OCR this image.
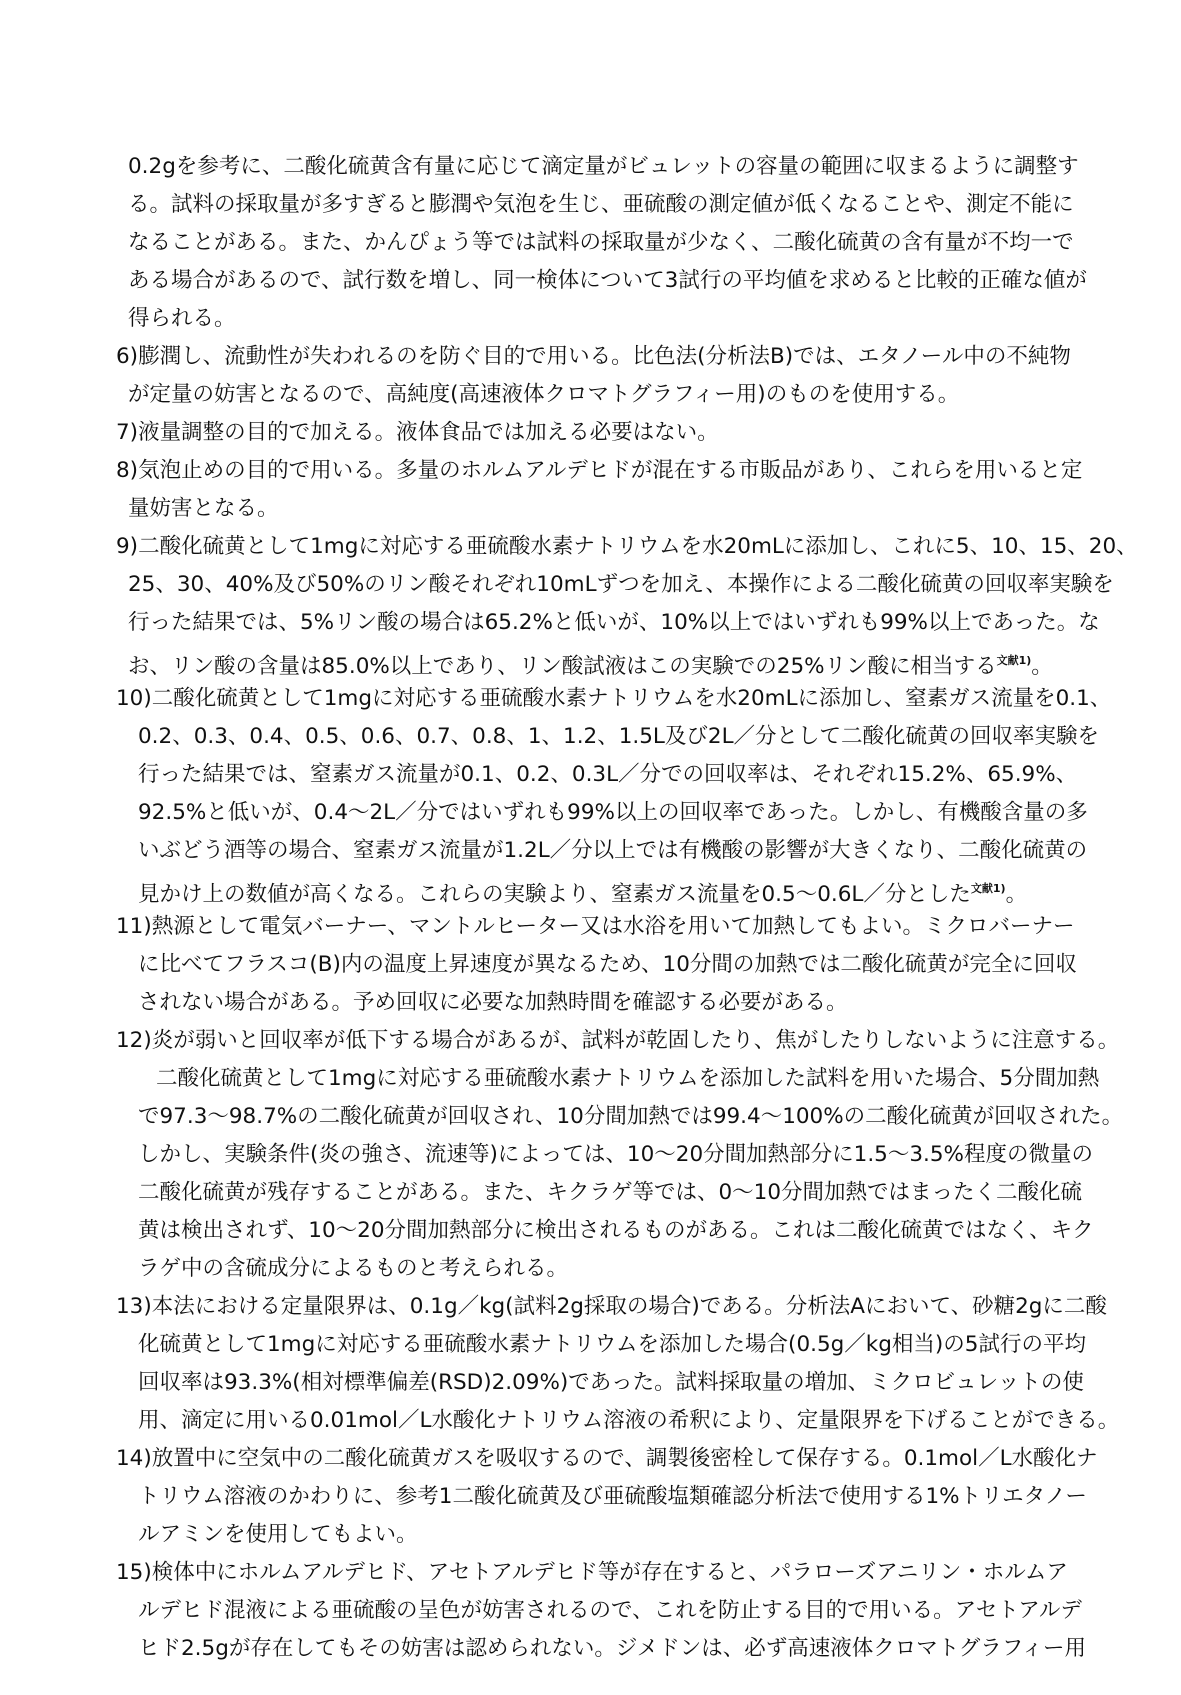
0.2gを参考に、二酸化硫黄含有量に応じて滴定量がビュレットの容量の範囲に収まるように調整す
る。試料の採取量が多すぎると膨潤や気泡を生じ、亜硫酸の測定値が低くなることや、測定不能に
なることがある。また、かんぴょう等では試料の採取量が少なく、二酸化硫黄の含有量が不均一で
ある場合があるので、試行数を増し、同一検体について3試行の平均値を求めると比較的正確な値が
得られる。
6)膨潤し、流動性が失われるのを防ぐ目的で用いる。比色法(分析法B)では、エタノール中の不純物
が定量の妨害となるので、高純度(高速液体クロマトグラフィー用)のものを使用する。
7)液量調整の目的で加える。液体食品では加える必要はない。
8)気泡止めの目的で用いる。多量のホルムアルデヒドが混在する市販品があり、これらを用いると定
量妨害となる。
9)二酸化硫黄として1mgに対応する亜硫酸水素ナトリウムを水20mLに添加し、これに5、10、15、20、
25、30、40%及び50%のリン酸それぞれ10mLずつを加え、本操作による二酸化硫黄の回収率実験を
行った結果では、5%リン酸の場合は65.2%と低いが、10%以上ではいずれも99%以上であった。な
お、リン酸の含量は85.0%以上であり、リン酸試液はこの実験での25%リン酸に相当する$^{文献1)}$。
10)二酸化硫黄として1mgに対応する亜硫酸水素ナトリウムを水20mLに添加し、窒素ガス流量を0.1、
0.2、0.3、0.4、0.5、0.6、0.7、0.8、1、1.2、1.5L及び2L／分として二酸化硫黄の回収率実験を
行った結果では、窒素ガス流量が0.1、0.2、0.3L／分での回収率は、それぞれ15.2%、65.9%、
92.5%と低いが、0.4～2L／分ではいずれも99%以上の回収率であった。しかし、有機酸含量の多
いぶどう酒等の場合、窒素ガス流量が1.2L／分以上では有機酸の影響が大きくなり、二酸化硫黄の
見かけ上の数値が高くなる。これらの実験より、窒素ガス流量を0.5～0.6L／分とした$^{文献1)}$。
11)熱源として電気バーナー、マントルヒーター又は水浴を用いて加熱してもよい。ミクロバーナー
に比べてフラスコ(B)内の温度上昇速度が異なるため、10分間の加熱では二酸化硫黄が完全に回収
されない場合がある。予め回収に必要な加熱時間を確認する必要がある。
12)炎が弱いと回収率が低下する場合があるが、試料が乾固したり、焦がしたりしないように注意する。
二酸化硫黄として1mgに対応する亜硫酸水素ナトリウムを添加した試料を用いた場合、5分間加熱
で97.3～98.7%の二酸化硫黄が回収され、10分間加熱では99.4～100%の二酸化硫黄が回収された。
しかし、実験条件(炎の強さ、流速等)によっては、10～20分間加熱部分に1.5～3.5%程度の微量の
二酸化硫黄が残存することがある。また、キクラゲ等では、0～10分間加熱ではまったく二酸化硫
黄は検出されず、10～20分間加熱部分に検出されるものがある。これは二酸化硫黄ではなく、キク
ラゲ中の含硫成分によるものと考えられる。
13)本法における定量限界は、0.1g／kg(試料2g採取の場合)である。分析法Aにおいて、砂糖2gに二酸
化硫黄として1mgに対応する亜硫酸水素ナトリウムを添加した場合(0.5g／kg相当)の5試行の平均
回収率は93.3%(相対標準偏差(RSD)2.09%)であった。試料採取量の増加、ミクロビュレットの使
用、滴定に用いる0.01mol／L水酸化ナトリウム溶液の希釈により、定量限界を下げることができる。
14)放置中に空気中の二酸化硫黄ガスを吸収するので、調製後密栓して保存する。0.1mol／L水酸化ナ
トリウム溶液のかわりに、参考1二酸化硫黄及び亜硫酸塩類確認分析法で使用する1%トリエタノー
ルアミンを使用してもよい。
15)検体中にホルムアルデヒド、アセトアルデヒド等が存在すると、パラローズアニリン・ホルムア
ルデヒド混液による亜硫酸の呈色が妨害されるので、これを防止する目的で用いる。アセトアルデ
ヒド2.5gが存在してもその妨害は認められない。ジメドンは、必ず高速液体クロマトグラフィー用
